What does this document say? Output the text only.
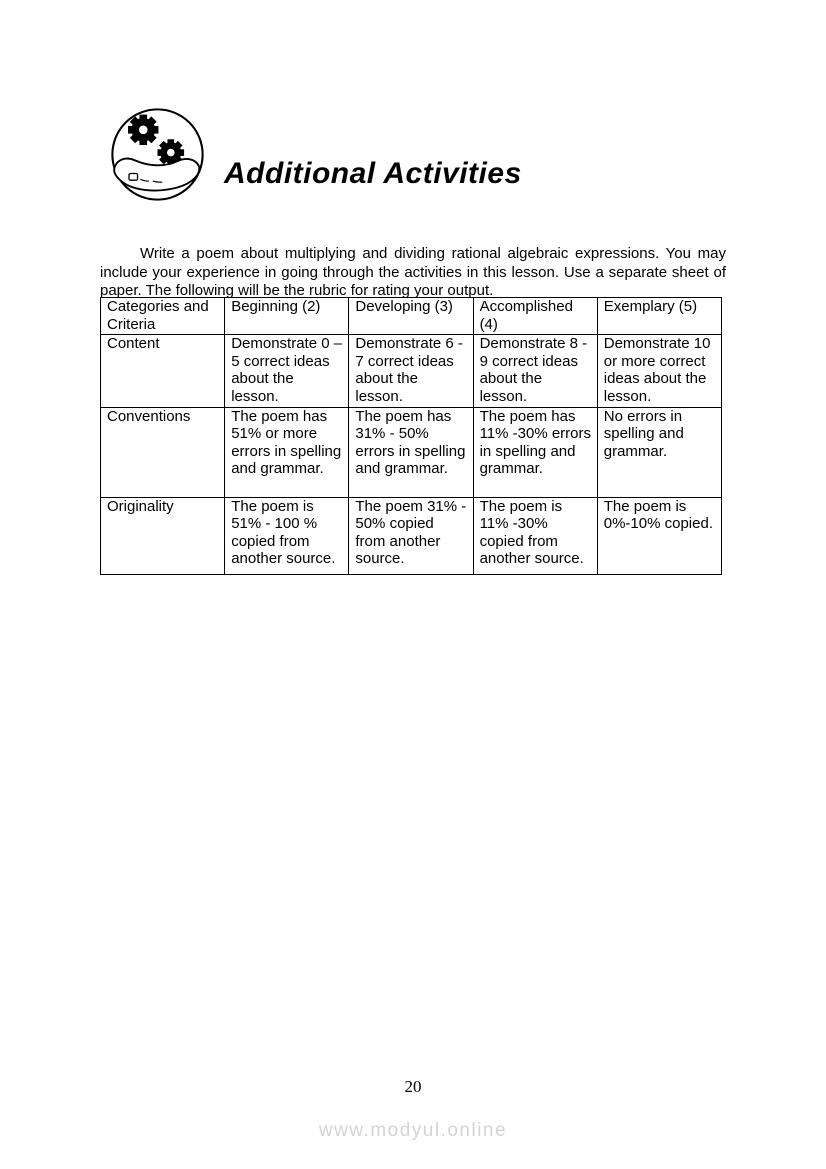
Additional Activities

Write a poem about multiplying and dividing rational algebraic expressions. You may include your experience in going through the activities in this lesson. Use a separate sheet of paper. The following will be the rubric for rating your output.

Categories and Criteria	Beginning (2)	Developing (3)	Accomplished (4)	Exemplary (5)
Content	Demonstrate 0 – 5 correct ideas about the lesson.	Demonstrate 6 - 7 correct ideas about the lesson.	Demonstrate 8 - 9 correct ideas about the lesson.	Demonstrate 10 or more correct ideas about the lesson.
Conventions	The poem has 51% or more errors in spelling and grammar.	The poem has 31% - 50% errors in spelling and grammar.	The poem has 11% -30% errors in spelling and grammar.	No errors in spelling and grammar.
Originality	The poem is 51% - 100 % copied from another source.	The poem 31% - 50% copied from another source.	The poem is 11% -30% copied from another source.	The poem is 0%-10% copied.
20
www.modyul.online
